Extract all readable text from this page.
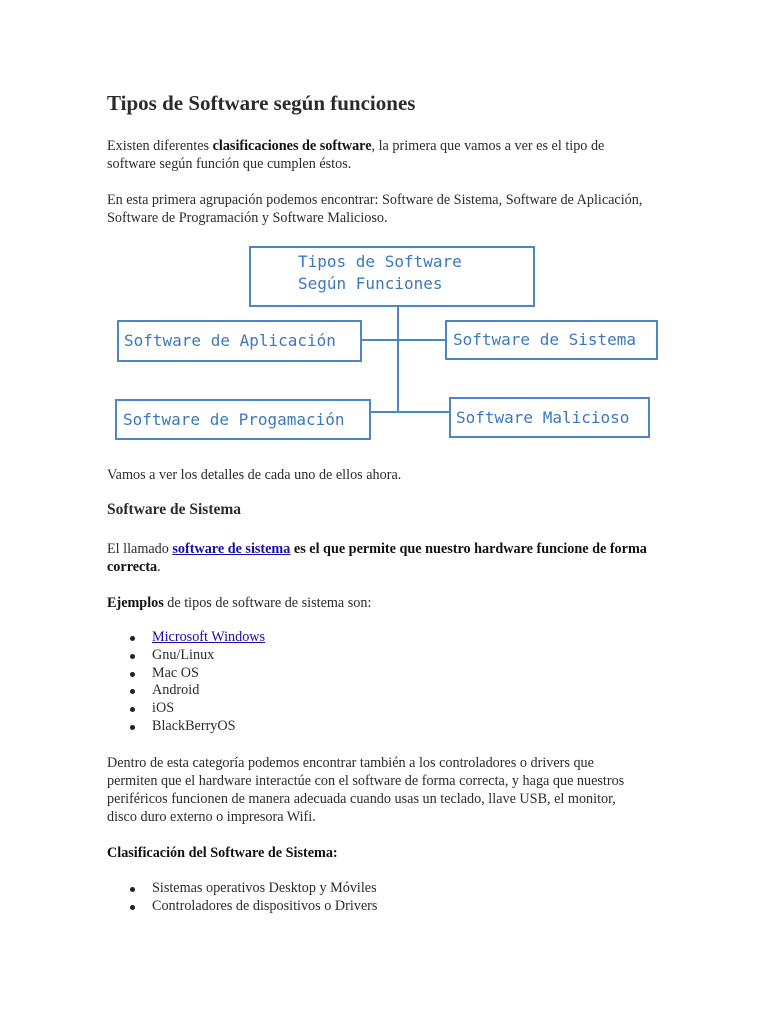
Tipos de Software según funciones

Existen diferentes clasificaciones de software, la primera que vamos a ver es el tipo de software según función que cumplen éstos.

En esta primera agrupación podemos encontrar: Software de Sistema, Software de Aplicación, Software de Programación y Software Malicioso.

Tipos de Software
Según Funciones
Software de Aplicación	Software de Sistema
Software de Progamación	Software Malicioso

Vamos a ver los detalles de cada uno de ellos ahora.

Software de Sistema

El llamado software de sistema es el que permite que nuestro hardware funcione de forma correcta.

Ejemplos de tipos de software de sistema son:

Microsoft Windows
Gnu/Linux
Mac OS
Android
iOS
BlackBerryOS

Dentro de esta categoría podemos encontrar también a los controladores o drivers que permiten que el hardware interactúe con el software de forma correcta, y haga que nuestros periféricos funcionen de manera adecuada cuando usas un teclado, llave USB, el monitor, disco duro externo o impresora Wifi.

Clasificación del Software de Sistema:
Sistemas operativos Desktop y Móviles
Controladores de dispositivos o Drivers
